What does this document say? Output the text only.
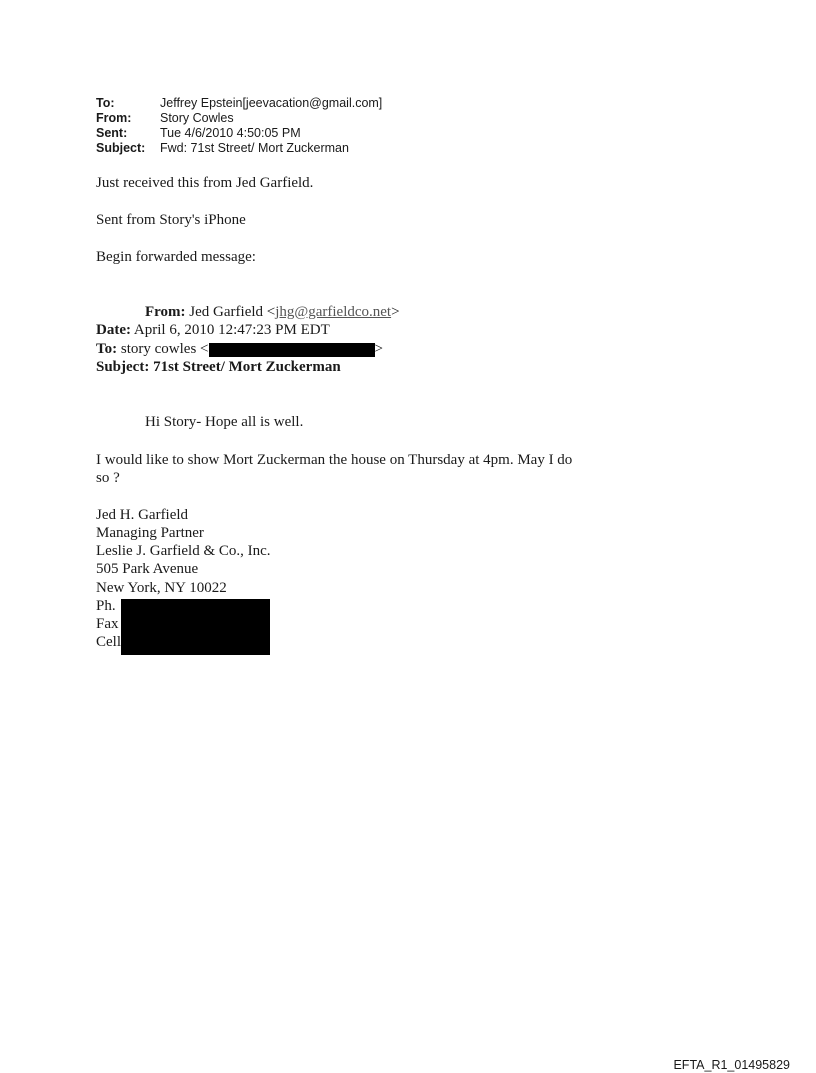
To:	Jeffrey Epstein[jeevacation@gmail.com]
From:	Story Cowles
Sent:	Tue 4/6/2010 4:50:05 PM
Subject:	Fwd: 71st Street/ Mort Zuckerman
Just received this from Jed Garfield.
Sent from Story's iPhone
Begin forwarded message:
From: Jed Garfield <jhg@garfieldco.net>
Date: April 6, 2010 12:47:23 PM EDT
To: story cowles <	>
Subject: 71st Street/ Mort Zuckerman
Hi Story- Hope all is well.
I would like to show Mort Zuckerman the house on Thursday at 4pm. May I do
so ?
Jed H. Garfield
Managing Partner
Leslie J. Garfield & Co., Inc.
505 Park Avenue
New York, NY 10022
Ph.
Fax
Cell
EFTA_R1_01495829
